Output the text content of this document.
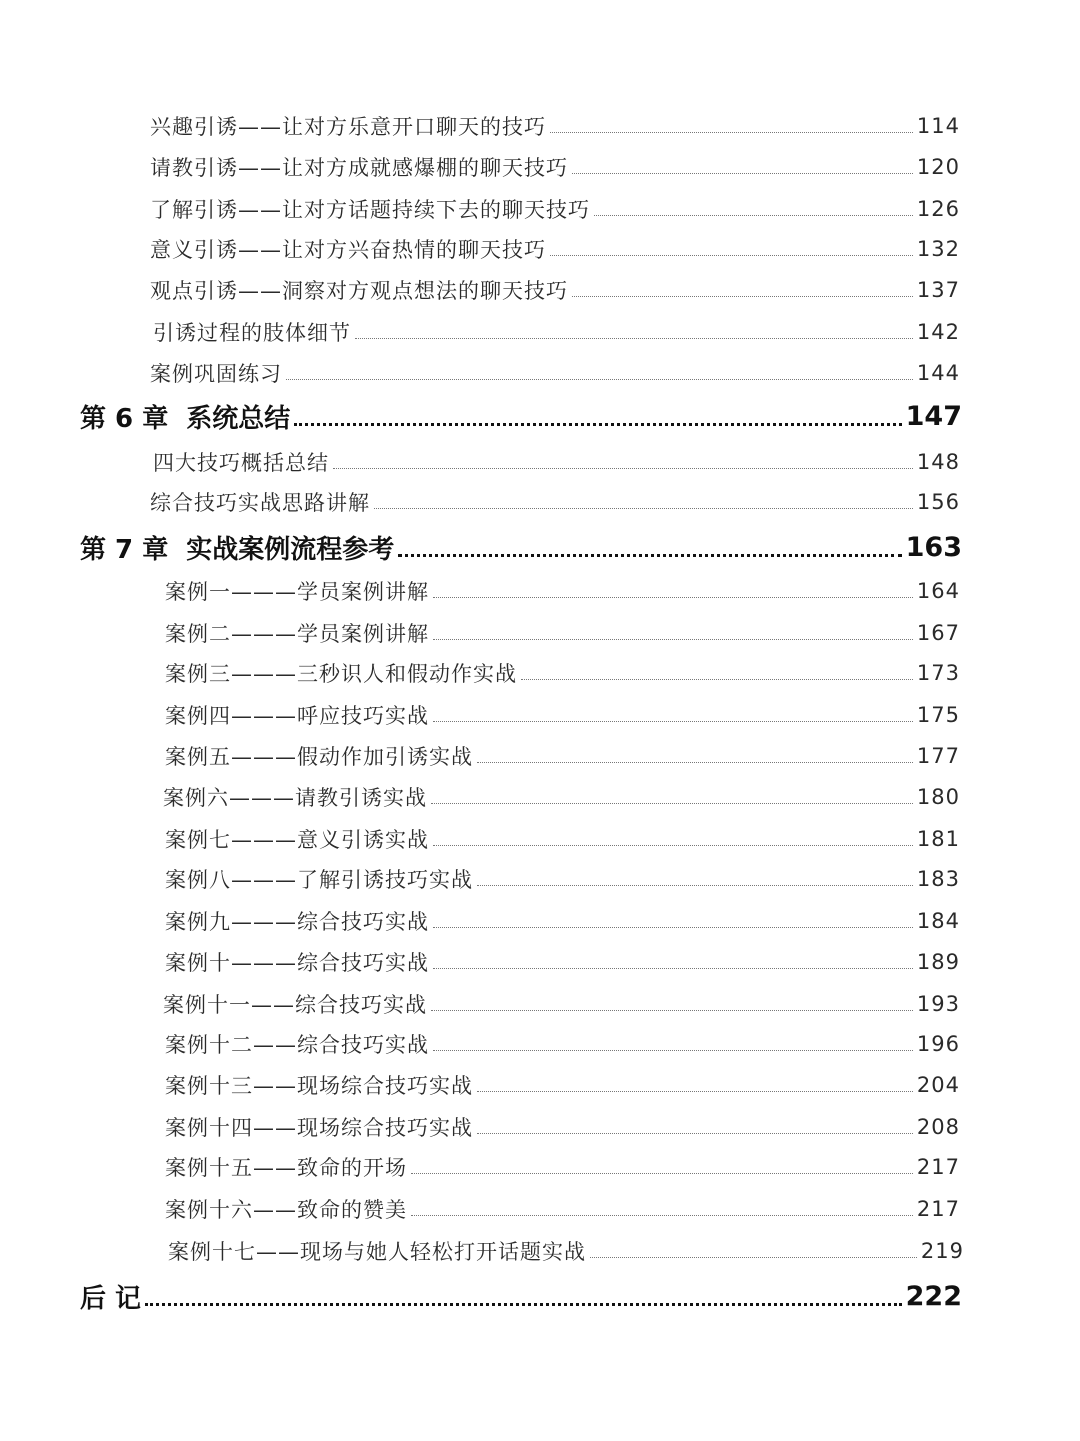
兴趣引诱——让对方乐意开口聊天的技巧	114
请教引诱——让对方成就感爆棚的聊天技巧	120
了解引诱——让对方话题持续下去的聊天技巧	126
意义引诱——让对方兴奋热情的聊天技巧	132
观点引诱——洞察对方观点想法的聊天技巧	137
引诱过程的肢体细节	142
案例巩固练习	144
第 6 章  系统总结	147
四大技巧概括总结	148
综合技巧实战思路讲解	156
第 7 章  实战案例流程参考	163
案例一———学员案例讲解	164
案例二———学员案例讲解	167
案例三———三秒识人和假动作实战	173
案例四———呼应技巧实战	175
案例五———假动作加引诱实战	177
案例六———请教引诱实战	180
案例七———意义引诱实战	181
案例八———了解引诱技巧实战	183
案例九———综合技巧实战	184
案例十———综合技巧实战	189
案例十一——综合技巧实战	193
案例十二——综合技巧实战	196
案例十三——现场综合技巧实战	204
案例十四——现场综合技巧实战	208
案例十五——致命的开场	217
案例十六——致命的赞美	217
案例十七——现场与她人轻松打开话题实战	219
后 记	222
